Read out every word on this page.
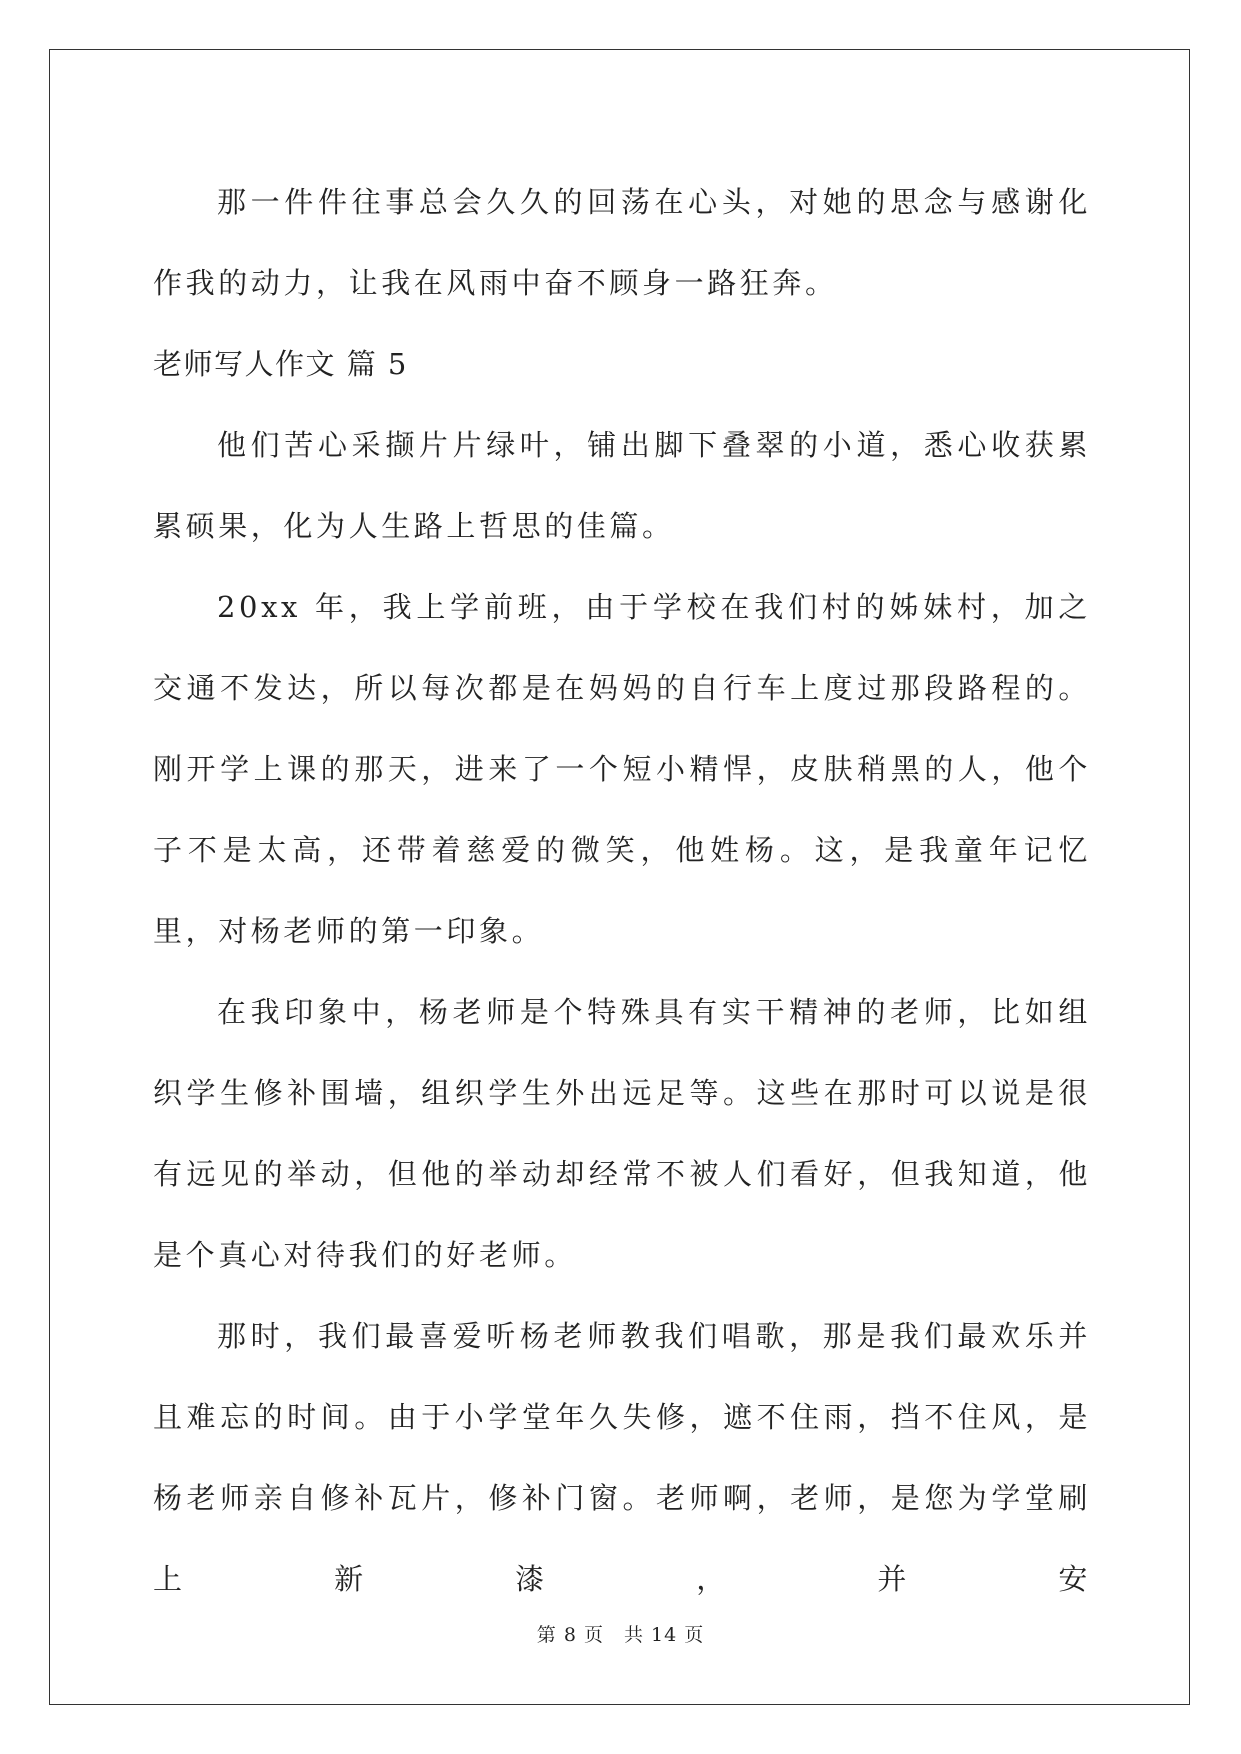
那一件件往事总会久久的回荡在心头，对她的思念与感谢化作我的动力，让我在风雨中奋不顾身一路狂奔。

老师写人作文 篇 5

他们苦心采撷片片绿叶，铺出脚下叠翠的小道，悉心收获累累硕果，化为人生路上哲思的佳篇。

20xx 年，我上学前班，由于学校在我们村的姊妹村，加之交通不发达，所以每次都是在妈妈的自行车上度过那段路程的。刚开学上课的那天，进来了一个短小精悍，皮肤稍黑的人，他个子不是太高，还带着慈爱的微笑，他姓杨。这，是我童年记忆里，对杨老师的第一印象。

在我印象中，杨老师是个特殊具有实干精神的老师，比如组织学生修补围墙，组织学生外出远足等。这些在那时可以说是很有远见的举动，但他的举动却经常不被人们看好，但我知道，他是个真心对待我们的好老师。

那时，我们最喜爱听杨老师教我们唱歌，那是我们最欢乐并且难忘的时间。由于小学堂年久失修，遮不住雨，挡不住风，是杨老师亲自修补瓦片，修补门窗。老师啊，老师，是您为学堂刷上新漆，并安

第 8 页　共 14 页
